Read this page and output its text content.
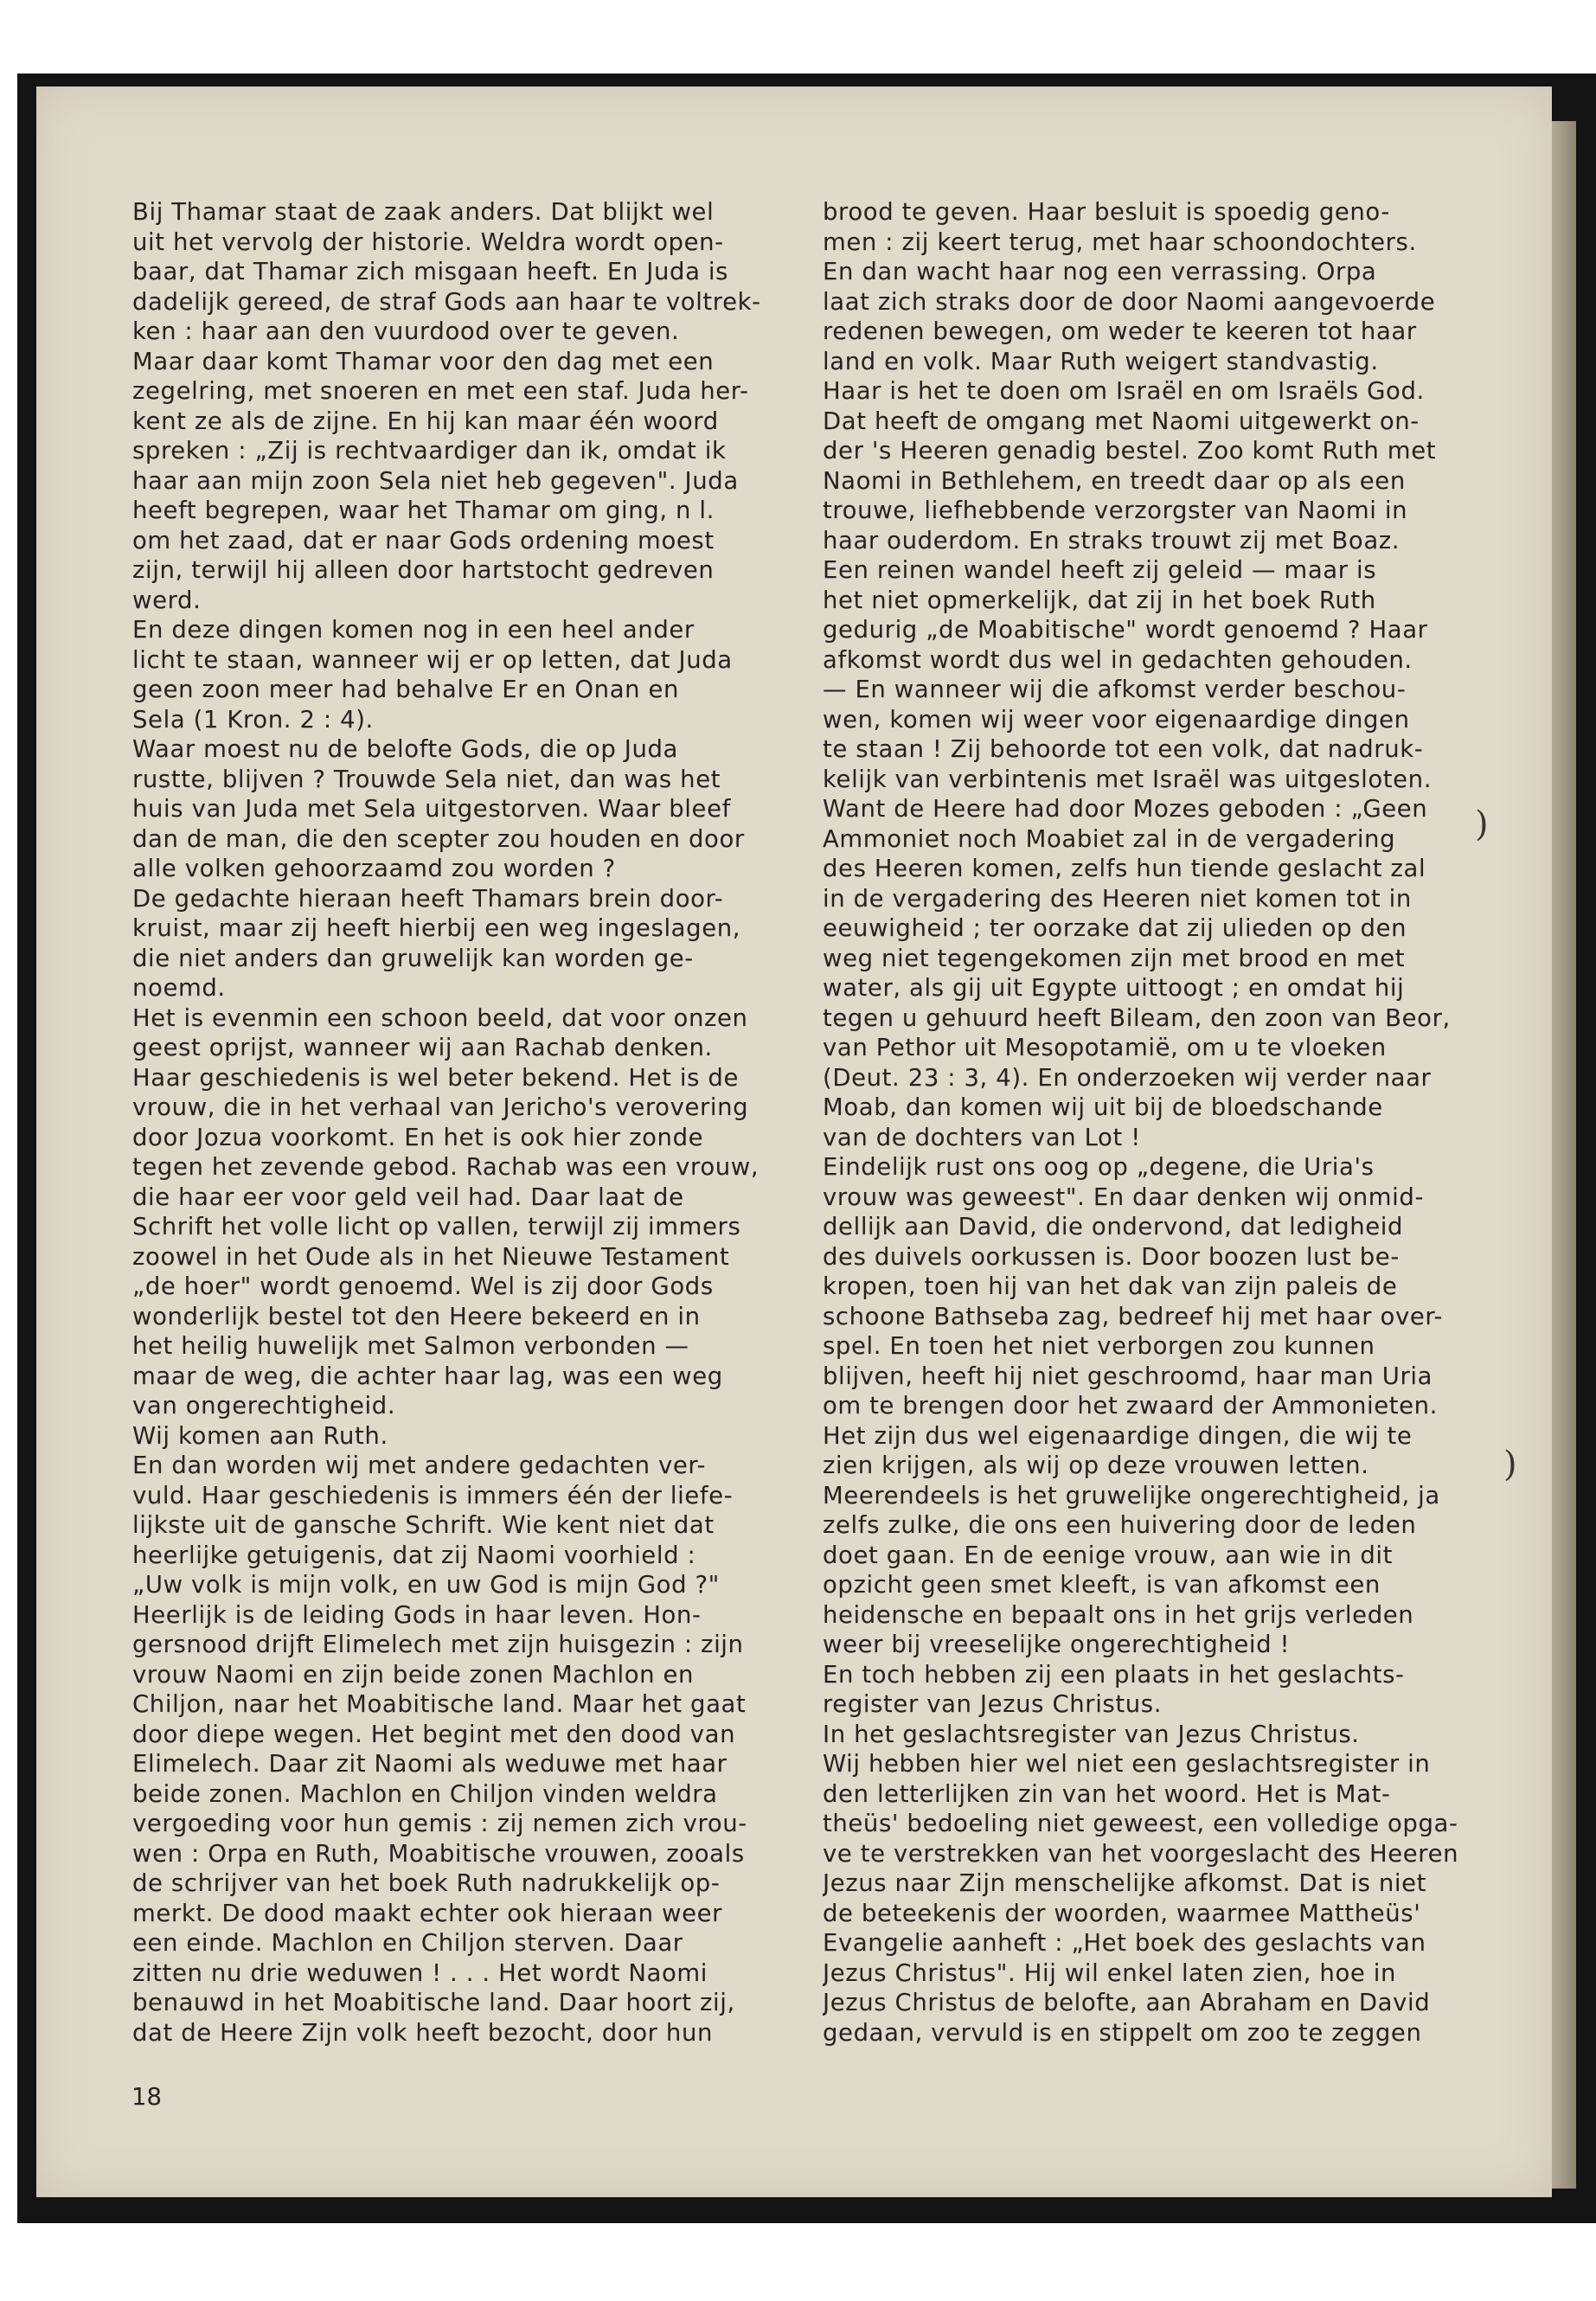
Bij Thamar staat de zaak anders. Dat blijkt wel
uit het vervolg der historie. Weldra wordt open-
baar, dat Thamar zich misgaan heeft. En Juda is
dadelijk gereed, de straf Gods aan haar te voltrek-
ken : haar aan den vuurdood over te geven.
Maar daar komt Thamar voor den dag met een
zegelring, met snoeren en met een staf. Juda her-
kent ze als de zijne. En hij kan maar één woord
spreken : „Zij is rechtvaardiger dan ik, omdat ik
haar aan mijn zoon Sela niet heb gegeven". Juda
heeft begrepen, waar het Thamar om ging, n l.
om het zaad, dat er naar Gods ordening moest
zijn, terwijl hij alleen door hartstocht gedreven
werd.
En deze dingen komen nog in een heel ander
licht te staan, wanneer wij er op letten, dat Juda
geen zoon meer had behalve Er en Onan en
Sela (1 Kron. 2 : 4).
Waar moest nu de belofte Gods, die op Juda
rustte, blijven ? Trouwde Sela niet, dan was het
huis van Juda met Sela uitgestorven. Waar bleef
dan de man, die den scepter zou houden en door
alle volken gehoorzaamd zou worden ?
De gedachte hieraan heeft Thamars brein door-
kruist, maar zij heeft hierbij een weg ingeslagen,
die niet anders dan gruwelijk kan worden ge-
noemd.
Het is evenmin een schoon beeld, dat voor onzen
geest oprijst, wanneer wij aan Rachab denken.
Haar geschiedenis is wel beter bekend. Het is de
vrouw, die in het verhaal van Jericho's verovering
door Jozua voorkomt. En het is ook hier zonde
tegen het zevende gebod. Rachab was een vrouw,
die haar eer voor geld veil had. Daar laat de
Schrift het volle licht op vallen, terwijl zij immers
zoowel in het Oude als in het Nieuwe Testament
„de hoer" wordt genoemd. Wel is zij door Gods
wonderlijk bestel tot den Heere bekeerd en in
het heilig huwelijk met Salmon verbonden —
maar de weg, die achter haar lag, was een weg
van ongerechtigheid.
Wij komen aan Ruth.
En dan worden wij met andere gedachten ver-
vuld. Haar geschiedenis is immers één der liefe-
lijkste uit de gansche Schrift. Wie kent niet dat
heerlijke getuigenis, dat zij Naomi voorhield :
„Uw volk is mijn volk, en uw God is mijn God ?"
Heerlijk is de leiding Gods in haar leven. Hon-
gersnood drijft Elimelech met zijn huisgezin : zijn
vrouw Naomi en zijn beide zonen Machlon en
Chiljon, naar het Moabitische land. Maar het gaat
door diepe wegen. Het begint met den dood van
Elimelech. Daar zit Naomi als weduwe met haar
beide zonen. Machlon en Chiljon vinden weldra
vergoeding voor hun gemis : zij nemen zich vrou-
wen : Orpa en Ruth, Moabitische vrouwen, zooals
de schrijver van het boek Ruth nadrukkelijk op-
merkt. De dood maakt echter ook hieraan weer
een einde. Machlon en Chiljon sterven. Daar
zitten nu drie weduwen ! . . . Het wordt Naomi
benauwd in het Moabitische land. Daar hoort zij,
dat de Heere Zijn volk heeft bezocht, door hun
brood te geven. Haar besluit is spoedig geno-
men : zij keert terug, met haar schoondochters.
En dan wacht haar nog een verrassing. Orpa
laat zich straks door de door Naomi aangevoerde
redenen bewegen, om weder te keeren tot haar
land en volk. Maar Ruth weigert standvastig.
Haar is het te doen om Israël en om Israëls God.
Dat heeft de omgang met Naomi uitgewerkt on-
der 's Heeren genadig bestel. Zoo komt Ruth met
Naomi in Bethlehem, en treedt daar op als een
trouwe, liefhebbende verzorgster van Naomi in
haar ouderdom. En straks trouwt zij met Boaz.
Een reinen wandel heeft zij geleid — maar is
het niet opmerkelijk, dat zij in het boek Ruth
gedurig „de Moabitische" wordt genoemd ? Haar
afkomst wordt dus wel in gedachten gehouden.
— En wanneer wij die afkomst verder beschou-
wen, komen wij weer voor eigenaardige dingen
te staan ! Zij behoorde tot een volk, dat nadruk-
kelijk van verbintenis met Israël was uitgesloten.
Want de Heere had door Mozes geboden : „Geen
Ammoniet noch Moabiet zal in de vergadering
des Heeren komen, zelfs hun tiende geslacht zal
in de vergadering des Heeren niet komen tot in
eeuwigheid ; ter oorzake dat zij ulieden op den
weg niet tegengekomen zijn met brood en met
water, als gij uit Egypte uittoogt ; en omdat hij
tegen u gehuurd heeft Bileam, den zoon van Beor,
van Pethor uit Mesopotamië, om u te vloeken
(Deut. 23 : 3, 4). En onderzoeken wij verder naar
Moab, dan komen wij uit bij de bloedschande
van de dochters van Lot !
Eindelijk rust ons oog op „degene, die Uria's
vrouw was geweest". En daar denken wij onmid-
dellijk aan David, die ondervond, dat ledigheid
des duivels oorkussen is. Door boozen lust be-
kropen, toen hij van het dak van zijn paleis de
schoone Bathseba zag, bedreef hij met haar over-
spel. En toen het niet verborgen zou kunnen
blijven, heeft hij niet geschroomd, haar man Uria
om te brengen door het zwaard der Ammonieten.
Het zijn dus wel eigenaardige dingen, die wij te
zien krijgen, als wij op deze vrouwen letten.
Meerendeels is het gruwelijke ongerechtigheid, ja
zelfs zulke, die ons een huivering door de leden
doet gaan. En de eenige vrouw, aan wie in dit
opzicht geen smet kleeft, is van afkomst een
heidensche en bepaalt ons in het grijs verleden
weer bij vreeselijke ongerechtigheid !
En toch hebben zij een plaats in het geslachts-
register van Jezus Christus.
In het geslachtsregister van Jezus Christus.
Wij hebben hier wel niet een geslachtsregister in
den letterlijken zin van het woord. Het is Mat-
theüs' bedoeling niet geweest, een volledige opga-
ve te verstrekken van het voorgeslacht des Heeren
Jezus naar Zijn menschelijke afkomst. Dat is niet
de beteekenis der woorden, waarmee Mattheüs'
Evangelie aanheft : „Het boek des geslachts van
Jezus Christus". Hij wil enkel laten zien, hoe in
Jezus Christus de belofte, aan Abraham en David
gedaan, vervuld is en stippelt om zoo te zeggen
18
)
)
